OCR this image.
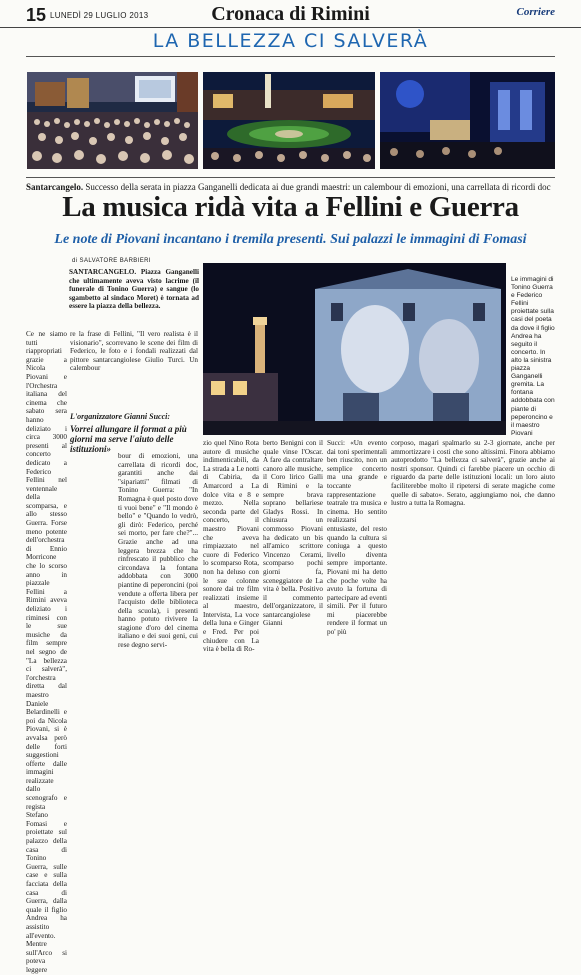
15 LUNEDÌ 29 LUGLIO 2013	Cronaca di Rimini	Corriere
LA BELLEZZA CI SALVERÀ
Santarcangelo. Successo della serata in piazza Ganganelli dedicata ai due grandi maestri: un calembour di emozioni, una carrellata di ricordi doc
La musica ridà vita a Fellini e Guerra
Le note di Piovani incantano i tremila presenti. Sui palazzi le immagini di Fomasi
di SALVATORE BARBIERI
SANTARCANGELO. Piazza Ganganelli che ultimamente aveva visto lacrime (il funerale di Tonino Guerra) e sangue (lo sgambetto al sindaco Moret) è tornata ad essere la piazza della bellezza.
Ce ne siamo tutti riappropriati grazie a Nicola Piovani e l'Orchestra italiana del cinema che sabato sera hanno deliziato i circa 3000 presenti al concerto dedicato a Federico Fellini nel ventennale della scomparsa, e allo stesso Guerra. Forse meno potente dell'orchestra di Ennio Morricone che lo scorso anno in piazzale Fellini a Rimini aveva deliziato i riminesi con le sue musiche da film sempre nel segno de "La bellezza ci salverà", l'orchestra diretta dal maestro Daniele Belardinelli e poi da Nicola Piovani, si è avvalsa però delle forti suggestioni offerte dalle immagini realizzate dallo scenografo e regista Stefano Fomasi e proiettate sul palazzo della casa di Tonino Guerra, sulle case e sulla facciata della casa di Guerra, dalla quale il figlio Andrea ha assistito all'evento. Mentre sull'Arco si poteva leggere
re la frase di Fellini, "Il vero realista è il visionario", scorrevano le scene dei film di Federico, le foto e i fondali realizzati dal pittore santarcangiolese Giulio Turci. Un calembour
L'organizzatore Gianni Succi:
Vorrei allungare il format a più giorni ma serve l'aiuto delle istituzioni»
bour di emozioni, una carrellata di ricordi doc, garantiti anche dai "sipariatti" filmati di Tonino Guerra: "In Romagna è quel posto dove ti vuoi bene" e "Il mondo è bello" e "Quando lo vedrò, gli dirò: Federico, perché sei morto, per fare che?"... Grazie anche ad una leggera brezza che ha rinfrescato il pubblico che circondava la fontana addobbata con 3000 piantine di peperoncini (poi vendute a offerta libera per l'acquisto delle biblioteca della scuola), i presenti hanno potuto rivivere la stagione d'oro del cinema italiano e dei suoi geni, cui rese degno servi-
Le immagini di Tonino Guerra e Federico Fellini proiettate sulla casi del poeta da dove il figlio Andrea ha seguito il concerto. In alto la sinistra piazza Ganganelli gremita. La fontana addobbata con piante di peperoncino e il maestro Piovani
zio quel Nino Rota autore di musiche indimenticabili, da La strada a Le notti di Cabiria, da Amarcord a La dolce vita e 8 e mezzo. Nella seconda parte del concerto, il maestro Piovani che aveva rimpiazzato nel cuore di Federico lo scomparso Rota, non ha deluso con le sue colonne sonore dai tre film realizzati insieme al maestro, Intervista, La voce della luna e Ginger e Fred. Per poi chiudere con La vita è bella di Ro-
berto Benigni con il quale vinse l'Oscar. A fare da contraltare canoro alle musiche, il Coro lirico Galli di Rimini e la sempre brava soprano bellariese Gladys Rossi. In chiusura un commosso Piovani ha dedicato un bis all'amico scrittore Vincenzo Cerami, scomparso pochi giorni fa, sceneggiatore de La vita è bella. Positivo il commento dell'organizzatore, il santarcangiolese Gianni
Succi: «Un evento dai toni sperimentali ben riuscito, non un semplice concerto ma una grande e toccante rappresentazione teatrale tra musica e cinema. Ho sentito realizzarsi entusiaste, del resto quando la cultura si coniuga a questo livello diventa sempre importante. Piovani mi ha detto che poche volte ha avuto la fortuna di partecipare ad eventi simili. Per il futuro mi piacerebbe rendere il format un po' più
corposo, magari spalmarlo su 2-3 giornate, anche per ammortizzare i costi che sono altissimi. Finora abbiamo autoprodotto "La bellezza ci salverà", grazie anche ai nostri sponsor. Quindi ci farebbe piacere un occhio di riguardo da parte delle istituzioni locali: un loro aiuto faciliterebbe molto il ripetersi di serate magiche come quelle di sabato». Serato, aggiungiamo noi, che danno lustro a tutta la Romagna.
